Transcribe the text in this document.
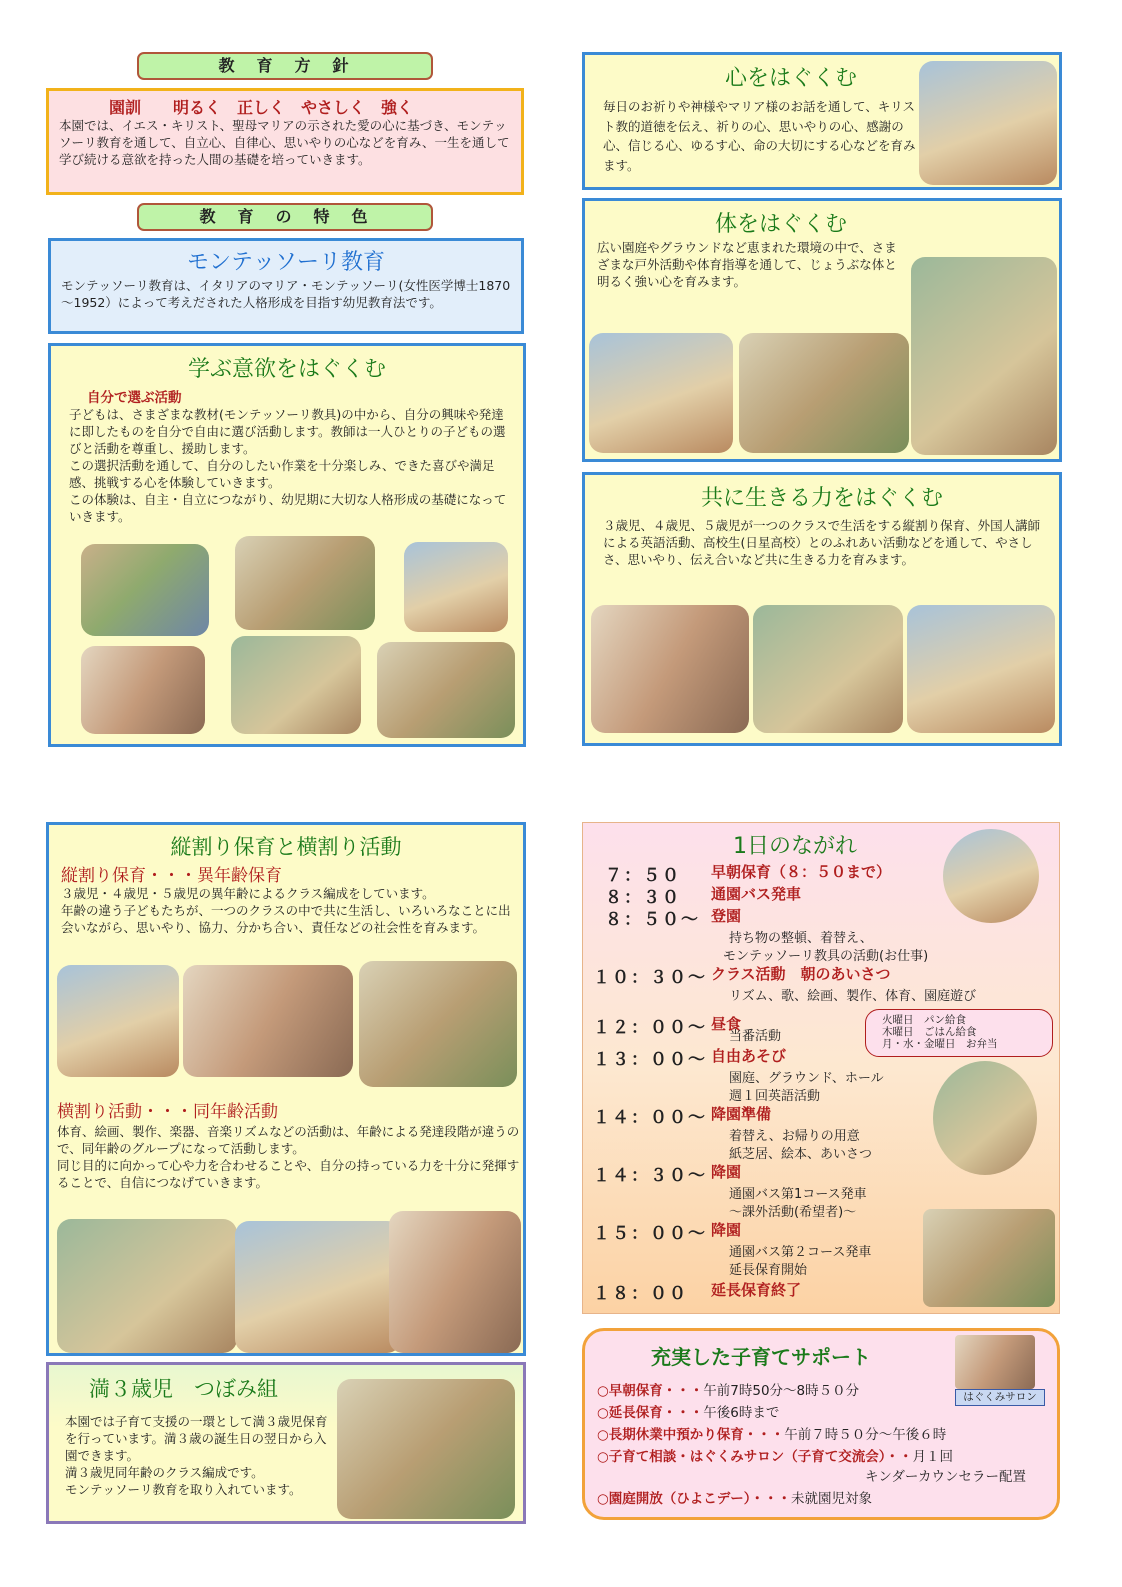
教　育　方　針
園訓　　明るく　正しく　やさしく　強く
本園では、イエス・キリスト、聖母マリアの示された愛の心に基づき、モンテッソーリ教育を通して、自立心、自律心、思いやりの心などを育み、一生を通して学び続ける意欲を持った人間の基礎を培っていきます。
教　育　の　特　色
モンテッソーリ教育
モンテッソーリ教育は、イタリアのマリア・モンテッソーリ(女性医学博士1870～1952）によって考えだされた人格形成を目指す幼児教育法です。
学ぶ意欲をはぐくむ
自分で選ぶ活動
子どもは、さまざまな教材(モンテッソーリ教具)の中から、自分の興味や発達に即したものを自分で自由に選び活動します。教師は一人ひとりの子どもの選びと活動を尊重し、援助します。
この選択活動を通して、自分のしたい作業を十分楽しみ、できた喜びや満足感、挑戦する心を体験していきます。
この体験は、自主・自立につながり、幼児期に大切な人格形成の基礎になっていきます。
心をはぐくむ
毎日のお祈りや神様やマリア様のお話を通して、キリスト教的道徳を伝え、祈りの心、思いやりの心、感謝の心、信じる心、ゆるす心、命の大切にする心などを育みます。
体をはぐくむ
広い園庭やグラウンドなど恵まれた環境の中で、さまざまな戸外活動や体育指導を通して、じょうぶな体と明るく強い心を育みます。
共に生きる力をはぐくむ
３歳児、４歳児、５歳児が一つのクラスで生活をする縦割り保育、外国人講師による英語活動、高校生(日星高校）とのふれあい活動などを通して、やさしさ、思いやり、伝え合いなど共に生きる力を育みます。
縦割り保育と横割り活動
縦割り保育・・・異年齢保育
３歳児・４歳児・５歳児の異年齢によるクラス編成をしています。
年齢の違う子どもたちが、一つのクラスの中で共に生活し、いろいろなことに出会いながら、思いやり、協力、分かち合い、責任などの社会性を育みます。
横割り活動・・・同年齢活動
体育、絵画、製作、楽器、音楽リズムなどの活動は、年齢による発達段階が違うので、同年齢のグループになって活動します。
同じ目的に向かって心や力を合わせることや、自分の持っている力を十分に発揮することで、自信につなげていきます。
満３歳児　つぼみ組
本園では子育て支援の一環として満３歳児保育を行っています。満３歳の誕生日の翌日から入園できます。
満３歳児同年齢のクラス編成です。
モンテッソーリ教育を取り入れています。
1日のながれ
７：５０ 早朝保育（８：５０まで）
８：３０ 通園バス発車
８：５０～ 登園
持ち物の整頓、着替え、
モンテッソーリ教具の活動(お仕事)
１０：３０～ クラス活動　朝のあいさつ
リズム、歌、絵画、製作、体育、園庭遊び
１２：００～ 昼食
当番活動
火曜日　パン給食
木曜日　ごはん給食
月・水・金曜日　お弁当
１３：００～ 自由あそび
園庭、グラウンド、ホール
週１回英語活動
１４：００～ 降園準備
着替え、お帰りの用意
紙芝居、絵本、あいさつ
１４：３０～ 降園
通園バス第1コース発車
～課外活動(希望者)～
１５：００～ 降園
通園バス第２コース発車
延長保育開始
１８：００ 延長保育終了
充実した子育てサポート
はぐくみサロン
○早朝保育・・・午前7時50分～8時５０分
○延長保育・・・午後6時まで
○長期休業中預かり保育・・・午前７時５０分～午後６時
○子育て相談・はぐくみサロン（子育て交流会）・・月１回
キンダーカウンセラー配置
○園庭開放（ひよこデー）・・・未就園児対象
